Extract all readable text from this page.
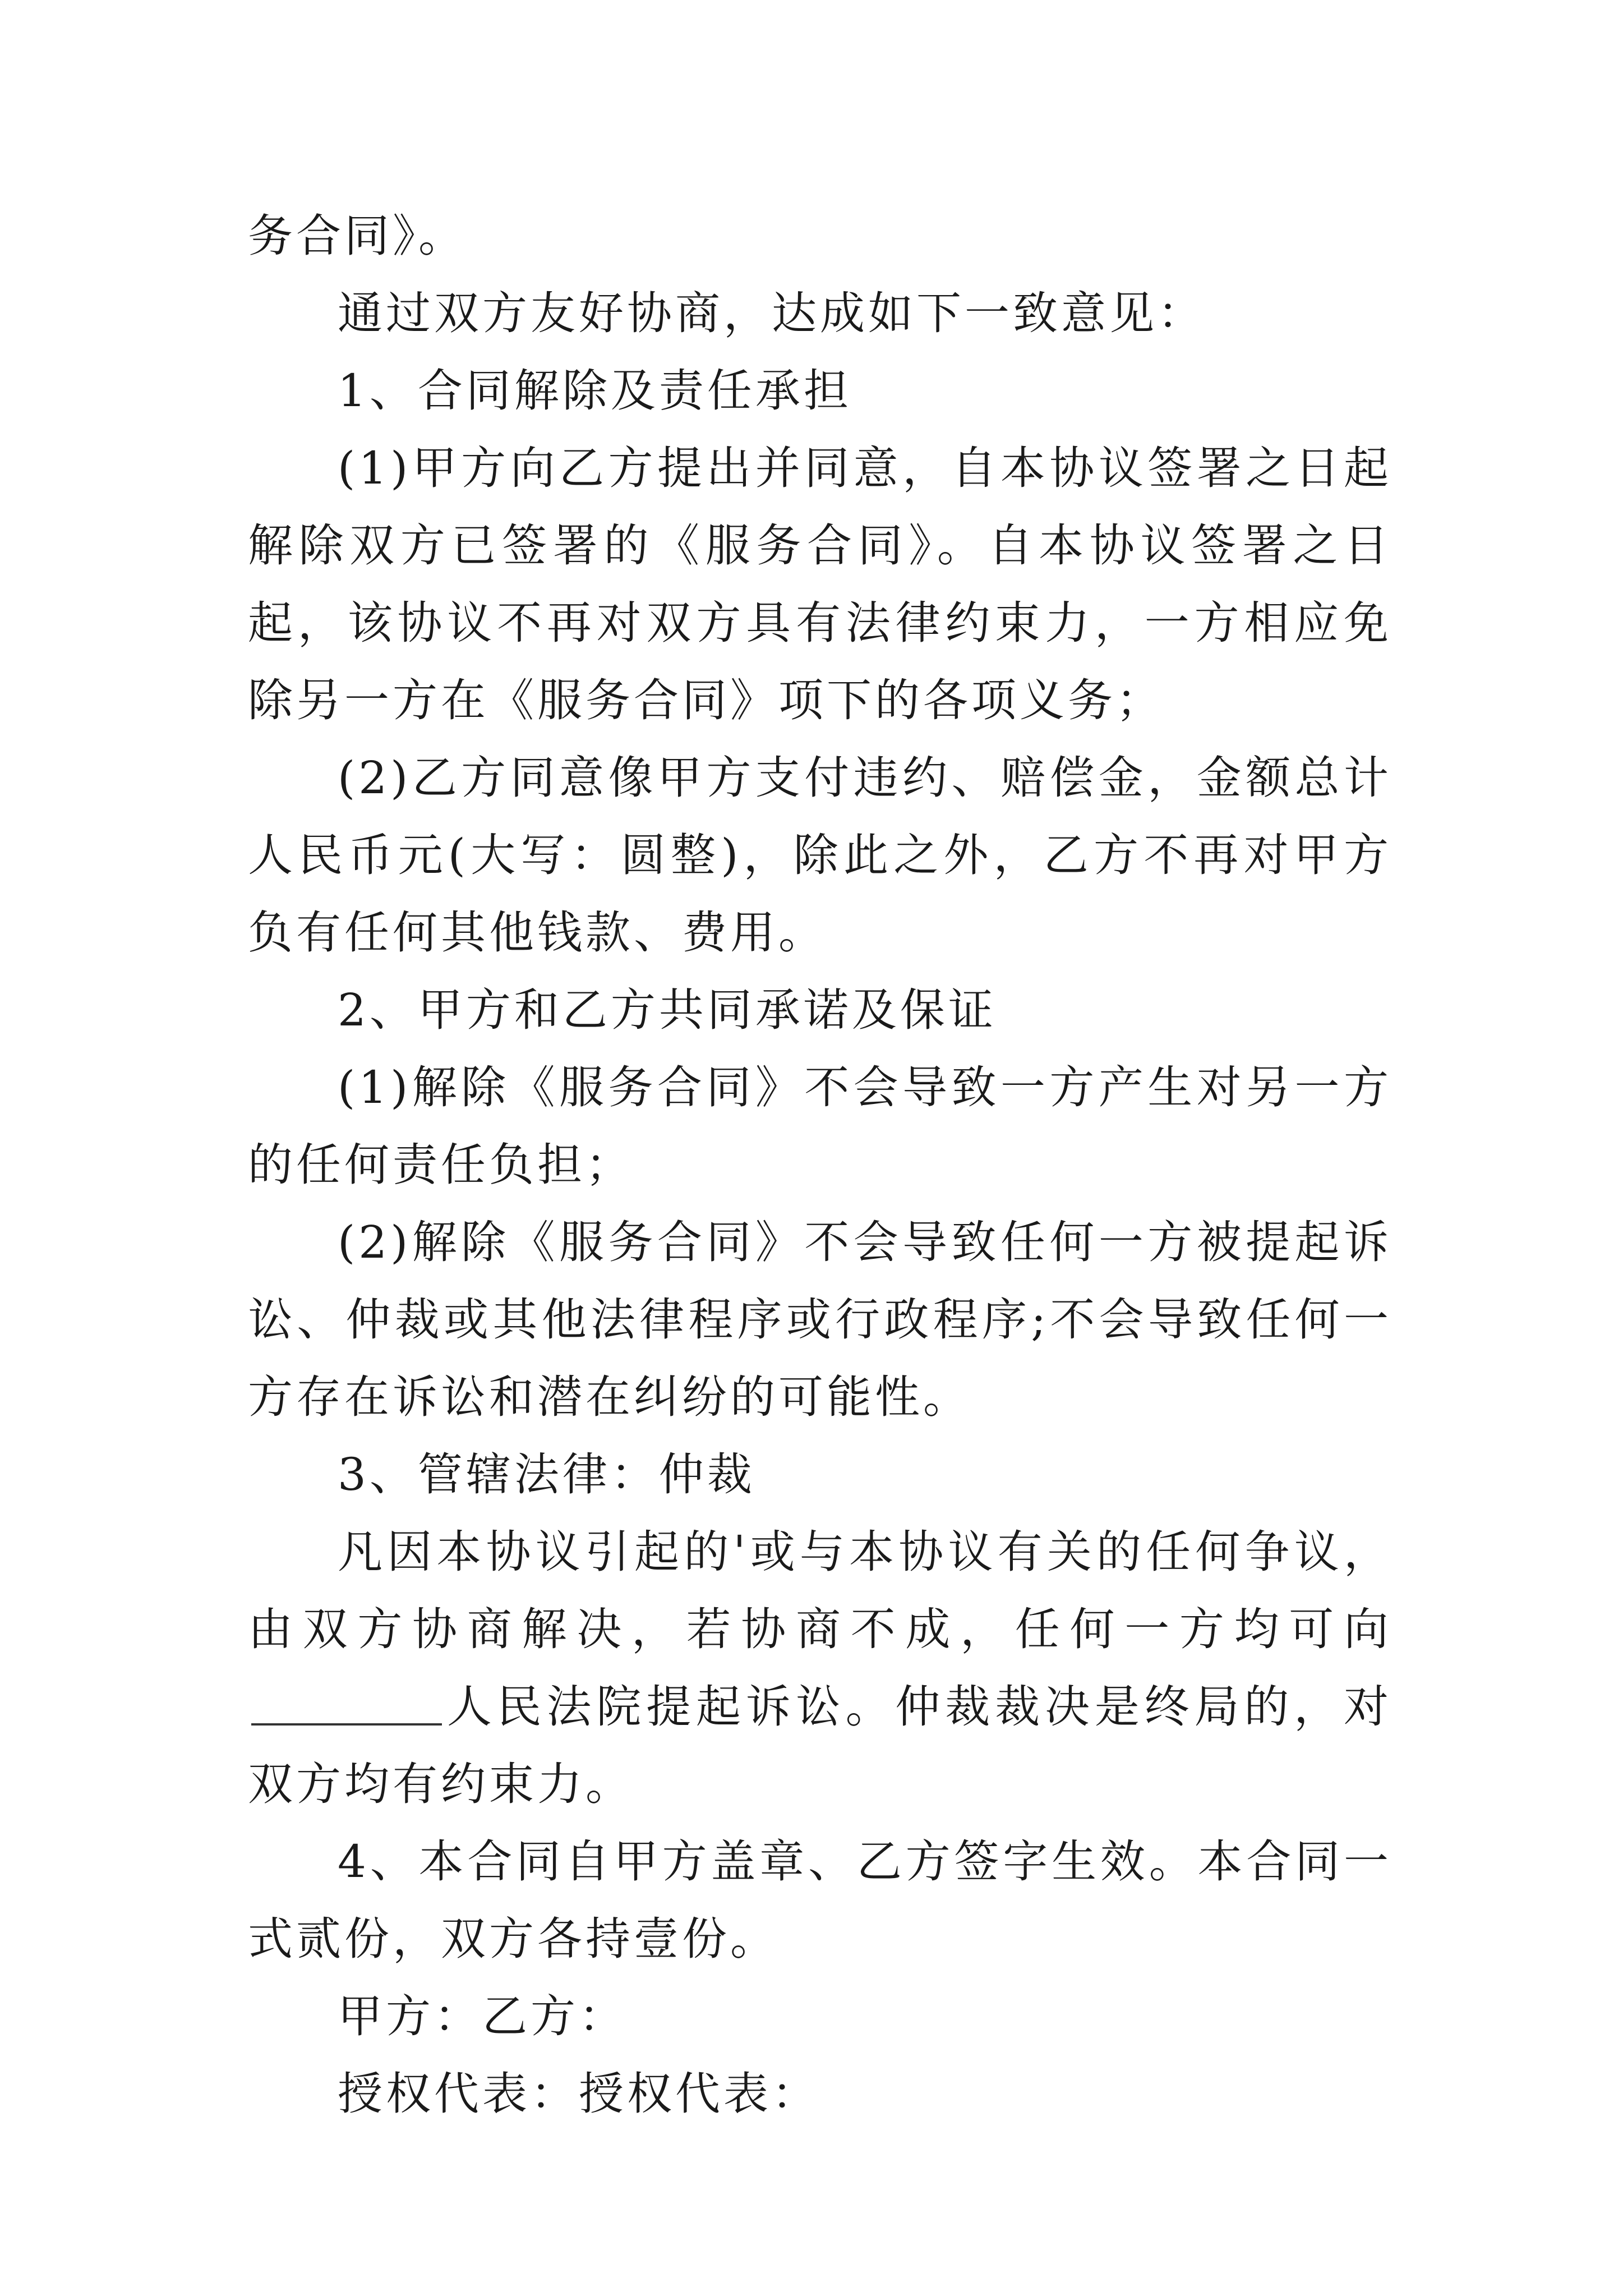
务合同》。

通过双方友好协商，达成如下一致意见：

1、合同解除及责任承担

(1)甲方向乙方提出并同意，自本协议签署之日起解除双方已签署的《服务合同》。自本协议签署之日起，该协议不再对双方具有法律约束力，一方相应免除另一方在《服务合同》项下的各项义务；

(2)乙方同意像甲方支付违约、赔偿金，金额总计人民币元(大写：圆整)，除此之外，乙方不再对甲方负有任何其他钱款、费用。

2、甲方和乙方共同承诺及保证

(1)解除《服务合同》不会导致一方产生对另一方的任何责任负担；

(2)解除《服务合同》不会导致任何一方被提起诉讼、仲裁或其他法律程序或行政程序;不会导致任何一方存在诉讼和潜在纠纷的可能性。

3、管辖法律：仲裁

凡因本协议引起的'或与本协议有关的任何争议，由双方协商解决，若协商不成，任何一方均可向人民法院提起诉讼。仲裁裁决是终局的，对双方均有约束力。

4、本合同自甲方盖章、乙方签字生效。本合同一式贰份，双方各持壹份。

甲方：乙方：

授权代表：授权代表：
